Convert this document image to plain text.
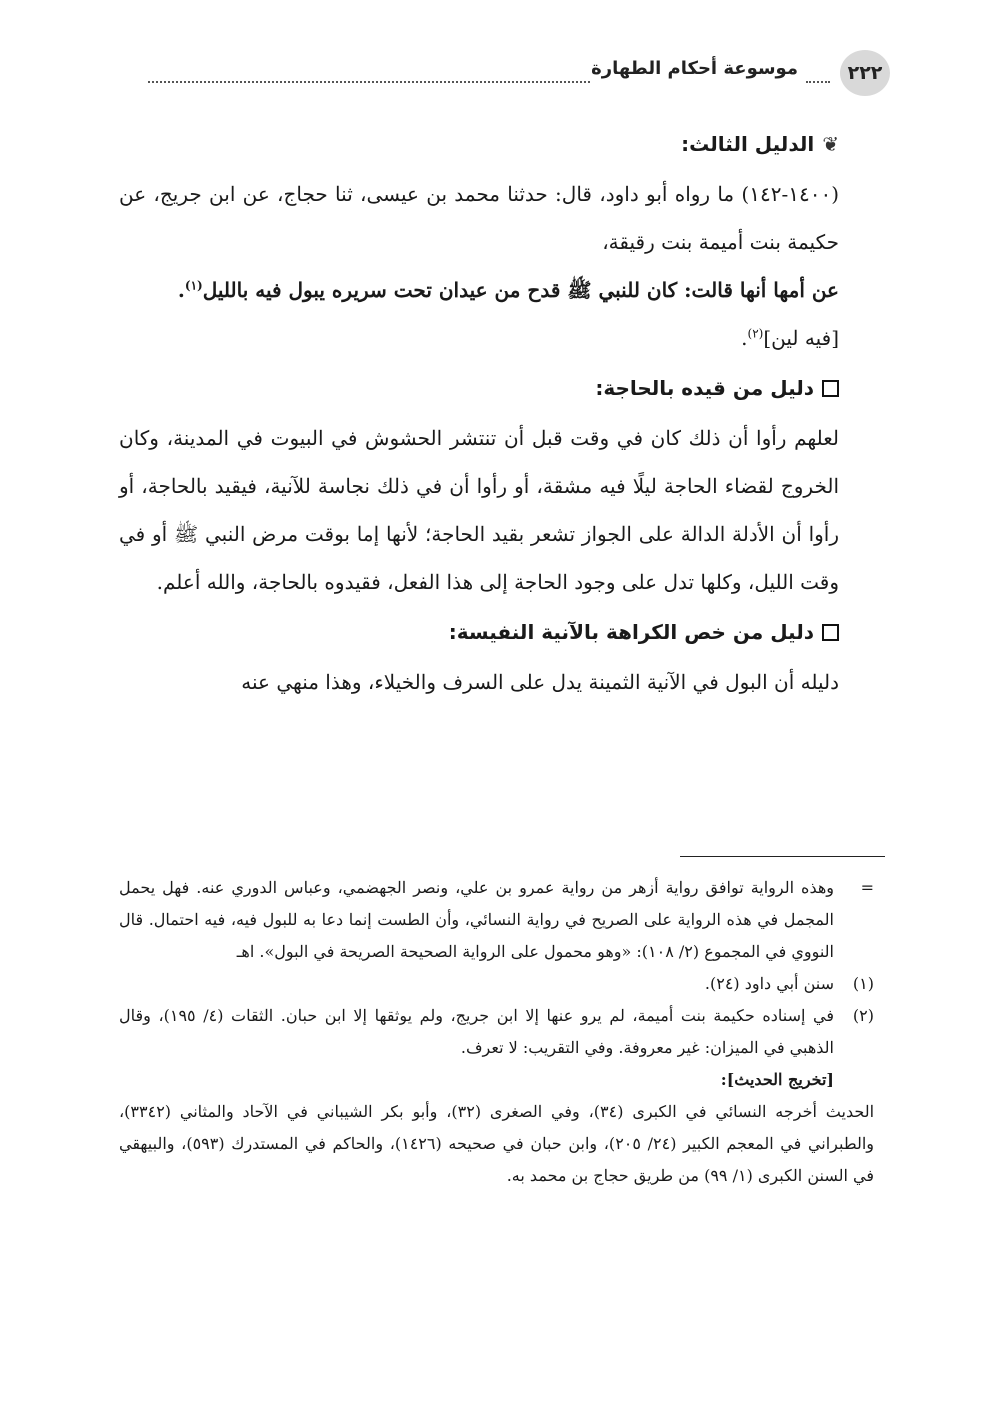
٢٢٢
موسوعة أحكام الطهارة

❦
الدليل الثالث:

(١٤٠٠-١٤٢) ما رواه أبو داود، قال: حدثنا محمد بن عيسى، ثنا حجاج، عن ابن جريج، عن حكيمة بنت أميمة بنت رقيقة،

عن أمها أنها قالت: كان للنبي ﷺ قدح من عيدان تحت سريره يبول فيه بالليل$^{(١)}$.

[فيه لين]$^{(٢)}$.

دليل من قيده بالحاجة:

لعلهم رأوا أن ذلك كان في وقت قبل أن تنتشر الحشوش في البيوت في المدينة، وكان الخروج لقضاء الحاجة ليلًا فيه مشقة، أو رأوا أن في ذلك نجاسة للآنية، فيقيد بالحاجة، أو رأوا أن الأدلة الدالة على الجواز تشعر بقيد الحاجة؛ لأنها إما بوقت مرض النبي ﷺ أو في وقت الليل، وكلها تدل على وجود الحاجة إلى هذا الفعل، فقيدوه بالحاجة، والله أعلم.

دليل من خص الكراهة بالآنية النفيسة:

دليله أن البول في الآنية الثمينة يدل على السرف والخيلاء، وهذا منهي عنه

=
وهذه الرواية توافق رواية أزهر من رواية عمرو بن علي، ونصر الجهضمي، وعباس الدوري عنه. فهل يحمل المجمل في هذه الرواية على الصريح في رواية النسائي، وأن الطست إنما دعا به للبول فيه، فيه احتمال. قال النووي في المجموع (٢/ ١٠٨): «وهو محمول على الرواية الصحيحة الصريحة في البول». اهـ

(١)
سنن أبي داود (٢٤).

(٢)
في إسناده حكيمة بنت أميمة، لم يرو عنها إلا ابن جريج، ولم يوثقها إلا ابن حبان. الثقات (٤/ ١٩٥)، وقال الذهبي في الميزان: غير معروفة. وفي التقريب: لا تعرف.

[تخريج الحديث]:

الحديث أخرجه النسائي في الكبرى (٣٤)، وفي الصغرى (٣٢)، وأبو بكر الشيباني في الآحاد والمثاني (٣٣٤٢)، والطبراني في المعجم الكبير (٢٤/ ٢٠٥)، وابن حبان في صحيحه (١٤٢٦)، والحاكم في المستدرك (٥٩٣)، والبيهقي في السنن الكبرى (١/ ٩٩) من طريق حجاج بن محمد به.
